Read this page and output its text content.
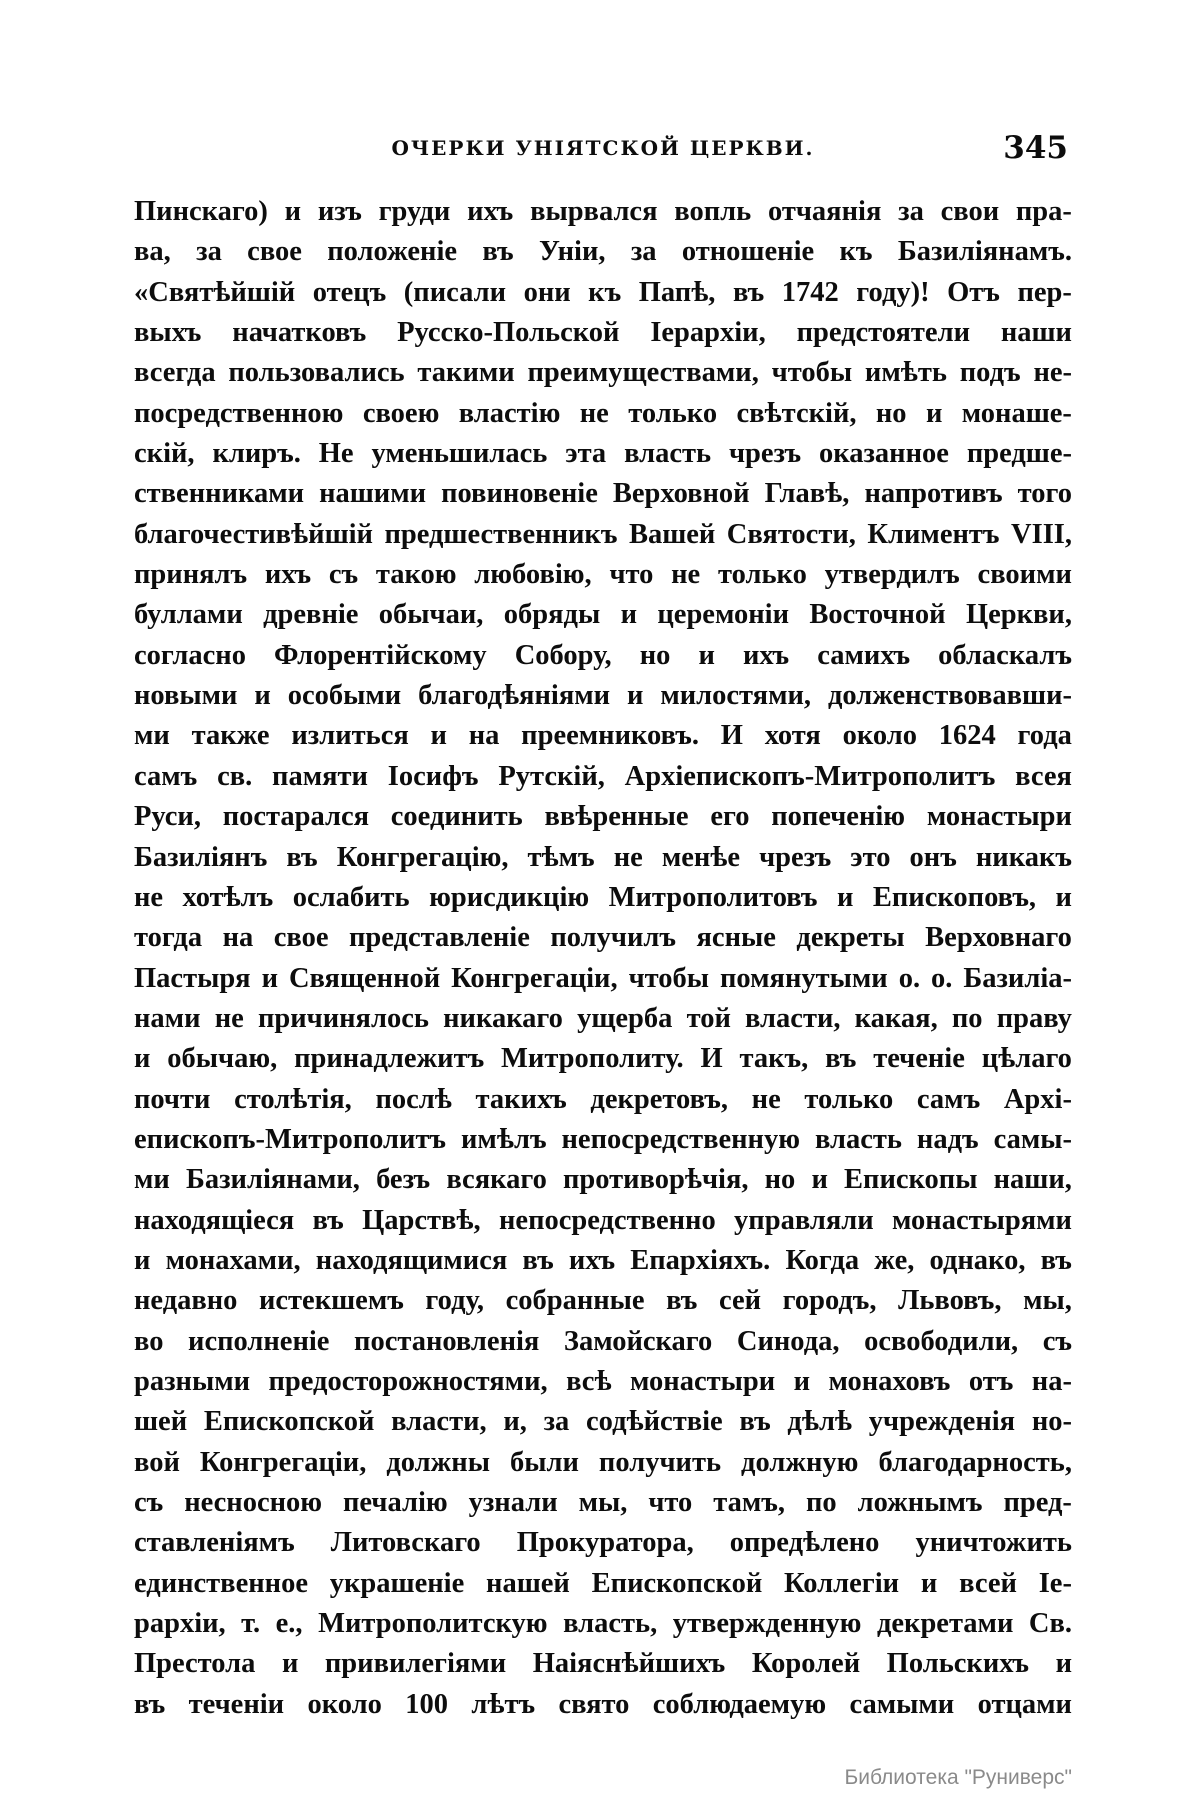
ОЧЕРКИ УНІЯТСКОЙ ЦЕРКВИ.	345
Пинскаго) и изъ груди ихъ вырвался вопль отчаянія за свои пра-
ва, за свое положеніе въ Уніи, за отношеніе къ Базиліянамъ.
«Святѣйшій отецъ (писали они къ Папѣ, въ 1742 году)! Отъ пер-
выхъ начатковъ Русско-Польской Іерархіи, предстоятели наши
всегда пользовались такими преимуществами, чтобы имѣть подъ не-
посредственною своею властію не только свѣтскій, но и монаше-
скій, клиръ. Не уменьшилась эта власть чрезъ оказанное предше-
ственниками нашими повиновеніе Верховной Главѣ, напротивъ того
благочестивѣйшій предшественникъ Вашей Святости, Климентъ VIII,
принялъ ихъ съ такою любовію, что не только утвердилъ своими
буллами древніе обычаи, обряды и церемоніи Восточной Церкви,
согласно Флорентійскому Собору, но и ихъ самихъ обласкалъ
новыми и особыми благодѣяніями и милостями, долженствовавши-
ми также излиться и на преемниковъ. И хотя около 1624 года
самъ св. памяти Іосифъ Рутскій, Архіепископъ-Митрополитъ всея
Руси, постарался соединить ввѣренные его попеченію монастыри
Базиліянъ въ Конгрегацію, тѣмъ не менѣе чрезъ это онъ никакъ
не хотѣлъ ослабить юрисдикцію Митрополитовъ и Епископовъ, и
тогда на свое представленіе получилъ ясные декреты Верховнаго
Пастыря и Священной Конгрегаціи, чтобы помянутыми о. о. Базиліа-
нами не причинялось никакаго ущерба той власти, какая, по праву
и обычаю, принадлежитъ Митрополиту. И такъ, въ теченіе цѣлаго
почти столѣтія, послѣ такихъ декретовъ, не только самъ Архі-
епископъ-Митрополитъ имѣлъ непосредственную власть надъ самы-
ми Базиліянами, безъ всякаго противорѣчія, но и Епископы наши,
находящіеся въ Царствѣ, непосредственно управляли монастырями
и монахами, находящимися въ ихъ Епархіяхъ. Когда же, однако, въ
недавно истекшемъ году, собранные въ сей городъ, Львовъ, мы,
во исполненіе постановленія Замойскаго Синода, освободили, съ
разными предосторожностями, всѣ монастыри и монаховъ отъ на-
шей Епископской власти, и, за содѣйствіе въ дѣлѣ учрежденія но-
вой Конгрегаціи, должны были получить должную благодарность,
съ несносною печалію узнали мы, что тамъ, по ложнымъ пред-
ставленіямъ Литовскаго Прокуратора, опредѣлено уничтожить
единственное украшеніе нашей Епископской Коллегіи и всей Іе-
рархіи, т. е., Митрополитскую власть, утвержденную декретами Св.
Престола и привилегіями Наіяснѣйшихъ Королей Польскихъ и
въ теченіи около 100 лѣтъ свято соблюдаемую самыми отцами
Библиотека "Руниверс"
